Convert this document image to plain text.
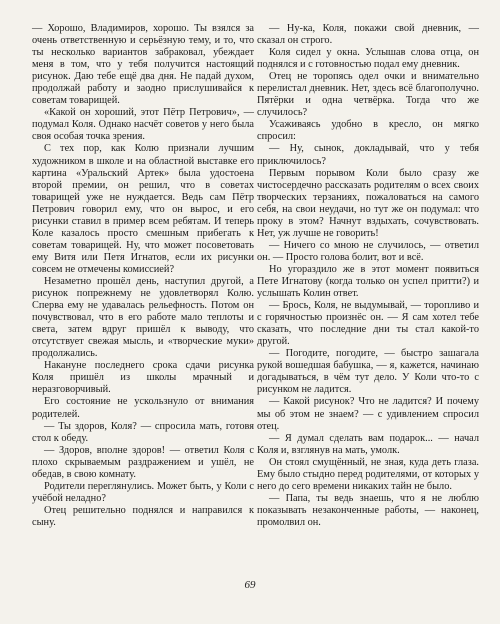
— Хорошо, Владимиров, хорошо. Ты взялся за очень ответственную и серьёзную тему, и то, что ты несколько вариантов забраковал, убеждает меня в том, что у тебя получится настоящий рисунок. Даю тебе ещё два дня. Не падай духом, продолжай работу и заодно прислушивайся к советам товарищей.

«Какой он хороший, этот Пётр Петрович», — подумал Коля. Однако насчёт советов у него была своя особая точка зрения.

С тех пор, как Колю признали лучшим художником в школе и на областной выставке его картина «Уральский Артек» была удостоена второй премии, он решил, что в советах товарищей уже не нуждается. Ведь сам Пётр Петрович говорил ему, что он вырос, и его рисунки ставил в пример всем ребятам. И теперь Коле казалось просто смешным прибегать к советам товарищей. Ну, что может посоветовать ему Витя или Петя Игнатов, если их рисунки совсем не отмечены комиссией?

Незаметно прошёл день, наступил другой, а рисунок попрежнему не удовлетворял Колю. Сперва ему не удавалась рельефность. Потом он почувствовал, что в его работе мало теплоты и света, затем вдруг пришёл к выводу, что отсутствует свежая мысль, и «творческие муки» продолжались.

Накануне последнего срока сдачи рисунка Коля пришёл из школы мрачный и неразговорчивый.

Его состояние не ускользнуло от внимания родителей.

— Ты здоров, Коля? — спросила мать, готовя стол к обеду.

— Здоров, вполне здоров! — ответил Коля с плохо скрываемым раздражением и ушёл, не обедав, в свою комнату.

Родители переглянулись. Может быть, у Коли с учёбой неладно?

Отец решительно поднялся и направился к сыну.

— Ну-ка, Коля, покажи свой дневник, — сказал он строго.

Коля сидел у окна. Услышав слова отца, он поднялся и с готовностью подал ему дневник.

Отец не торопясь одел очки и внимательно перелистал дневник. Нет, здесь всё благополучно. Пятёрки и одна четвёрка. Тогда что же случилось?

Усаживаясь удобно в кресло, он мягко спросил:

— Ну, сынок, докладывай, что у тебя приключилось?

Первым порывом Коли было сразу же чистосердечно рассказать родителям о всех своих творческих терзаниях, пожаловаться на самого себя, на свои неудачи, но тут же он подумал: что проку в этом? Начнут вздыхать, сочувствовать. Нет, уж лучше не говорить!

— Ничего со мною не случилось, — ответил он. — Просто голова болит, вот и всё.

Но угораздило же в этот момент появиться Пете Игнатову (когда только он успел притти?) и услышать Колин ответ.

— Брось, Коля, не выдумывай, — торопливо и с горячностью произнёс он. — Я сам хотел тебе сказать, что последние дни ты стал какой-то другой.

— Погодите, погодите, — быстро зашагала рукой вошедшая бабушка, — я, кажется, начинаю догадываться, в чём тут дело. У Коли что-то с рисунком не ладится.

— Какой рисунок? Что не ладится? И почему мы об этом не знаем? — с удивлением спросил отец.

— Я думал сделать вам подарок... — начал Коля и, взглянув на мать, умолк.

Он стоял смущённый, не зная, куда деть глаза. Ему было стыдно перед родителями, от которых у него до сего времени никаких тайн не было.

— Папа, ты ведь знаешь, что я не люблю показывать незаконченные работы, — наконец, промолвил он.

69
